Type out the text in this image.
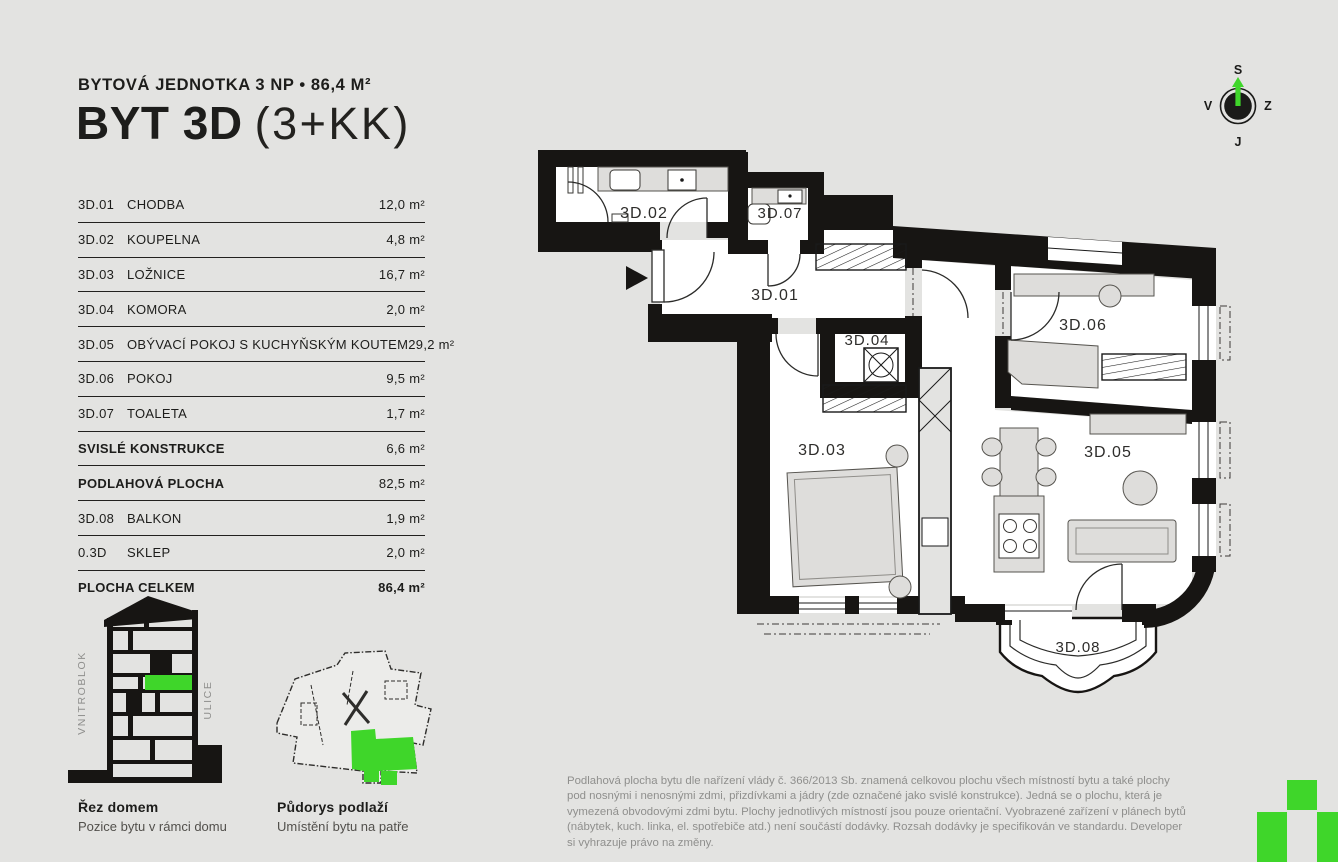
BYTOVÁ JEDNOTKA 3 NP • 86,4 M²
BYT 3D (3+KK)
3D.01 CHODBA	12,0 m²
3D.02 KOUPELNA	4,8 m²
3D.03 LOŽNICE	16,7 m²
3D.04 KOMORA	2,0 m²
3D.05 OBÝVACÍ POKOJ S KUCHYŇSKÝM KOUTEM 29,2 m²
3D.06 POKOJ	9,5 m²
3D.07 TOALETA	1,7 m²
SVISLÉ KONSTRUKCE	6,6 m²
PODLAHOVÁ PLOCHA	82,5 m²
3D.08 BALKON	1,9 m²
0.3D	SKLEP	2,0 m²
PLOCHA CELKEM	86,4 m²
VNITROBLOK	ULICE
Řez domem
Pozice bytu v rámci domu
Půdorys podlaží
Umístění bytu na patře
S
V	Z
J
3D.02	3D.07
3D.01
3D.04
3D.03	3D.05
3D.06
3D.08
Podlahová plocha bytu dle nařízení vlády č. 366/2013 Sb. znamená celkovou plochu všech místností bytu a také plochy pod nosnými i nenosnými zdmi, přizdívkami a jádry (zde označené jako svislé konstrukce). Jedná se o plochu, která je vymezená obvodovými zdmi bytu. Plochy jednotlivých místností jsou pouze orientační. Vyobrazené zařízení v plánech bytů (nábytek, kuch. linka, el. spotřebiče atd.) není součástí dodávky. Rozsah dodávky je specifikován ve standardu. Developer si vyhrazuje právo na změny.
